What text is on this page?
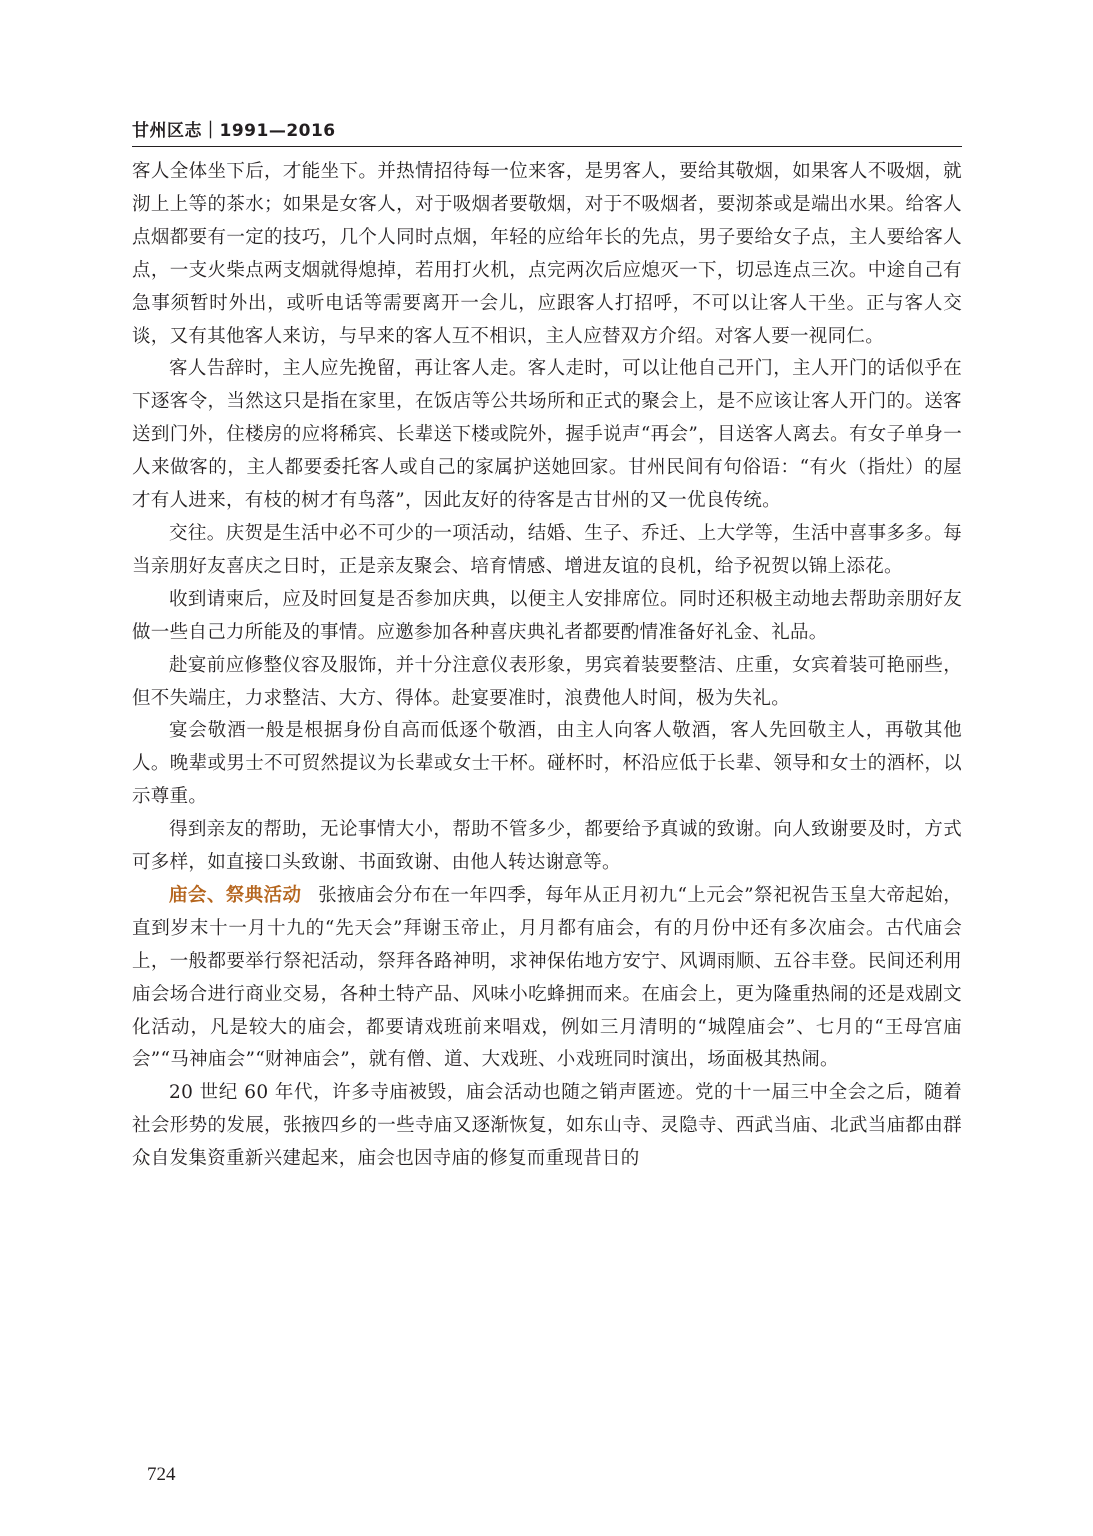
甘州区志｜1991—2016

客人全体坐下后，才能坐下。并热情招待每一位来客，是男客人，要给其敬烟，如果客人不吸烟，就沏上上等的茶水；如果是女客人，对于吸烟者要敬烟，对于不吸烟者，要沏茶或是端出水果。给客人点烟都要有一定的技巧，几个人同时点烟，年轻的应给年长的先点，男子要给女子点，主人要给客人点，一支火柴点两支烟就得熄掉，若用打火机，点完两次后应熄灭一下，切忌连点三次。中途自己有急事须暂时外出，或听电话等需要离开一会儿，应跟客人打招呼，不可以让客人干坐。正与客人交谈，又有其他客人来访，与早来的客人互不相识，主人应替双方介绍。对客人要一视同仁。

客人告辞时，主人应先挽留，再让客人走。客人走时，可以让他自己开门，主人开门的话似乎在下逐客令，当然这只是指在家里，在饭店等公共场所和正式的聚会上，是不应该让客人开门的。送客送到门外，住楼房的应将稀宾、长辈送下楼或院外，握手说声“再会”，目送客人离去。有女子单身一人来做客的，主人都要委托客人或自己的家属护送她回家。甘州民间有句俗语：“有火（指灶）的屋才有人进来，有枝的树才有鸟落”，因此友好的待客是古甘州的又一优良传统。

交往。庆贺是生活中必不可少的一项活动，结婚、生子、乔迁、上大学等，生活中喜事多多。每当亲朋好友喜庆之日时，正是亲友聚会、培育情感、增进友谊的良机，给予祝贺以锦上添花。

收到请柬后，应及时回复是否参加庆典，以便主人安排席位。同时还积极主动地去帮助亲朋好友做一些自己力所能及的事情。应邀参加各种喜庆典礼者都要酌情准备好礼金、礼品。

赴宴前应修整仪容及服饰，并十分注意仪表形象，男宾着装要整洁、庄重，女宾着装可艳丽些，但不失端庄，力求整洁、大方、得体。赴宴要准时，浪费他人时间，极为失礼。

宴会敬酒一般是根据身份自高而低逐个敬酒，由主人向客人敬酒，客人先回敬主人，再敬其他人。晚辈或男士不可贸然提议为长辈或女士干杯。碰杯时，杯沿应低于长辈、领导和女士的酒杯，以示尊重。

得到亲友的帮助，无论事情大小，帮助不管多少，都要给予真诚的致谢。向人致谢要及时，方式可多样，如直接口头致谢、书面致谢、由他人转达谢意等。

庙会、祭典活动 张掖庙会分布在一年四季，每年从正月初九“上元会”祭祀祝告玉皇大帝起始，直到岁末十一月十九的“先天会”拜谢玉帝止，月月都有庙会，有的月份中还有多次庙会。古代庙会上，一般都要举行祭祀活动，祭拜各路神明，求神保佑地方安宁、风调雨顺、五谷丰登。民间还利用庙会场合进行商业交易，各种土特产品、风味小吃蜂拥而来。在庙会上，更为隆重热闹的还是戏剧文化活动，凡是较大的庙会，都要请戏班前来唱戏，例如三月清明的“城隍庙会”、七月的“王母宫庙会”“马神庙会”“财神庙会”，就有僧、道、大戏班、小戏班同时演出，场面极其热闹。

20 世纪 60 年代，许多寺庙被毁，庙会活动也随之销声匿迹。党的十一届三中全会之后，随着社会形势的发展，张掖四乡的一些寺庙又逐渐恢复，如东山寺、灵隐寺、西武当庙、北武当庙都由群众自发集资重新兴建起来，庙会也因寺庙的修复而重现昔日的

724
